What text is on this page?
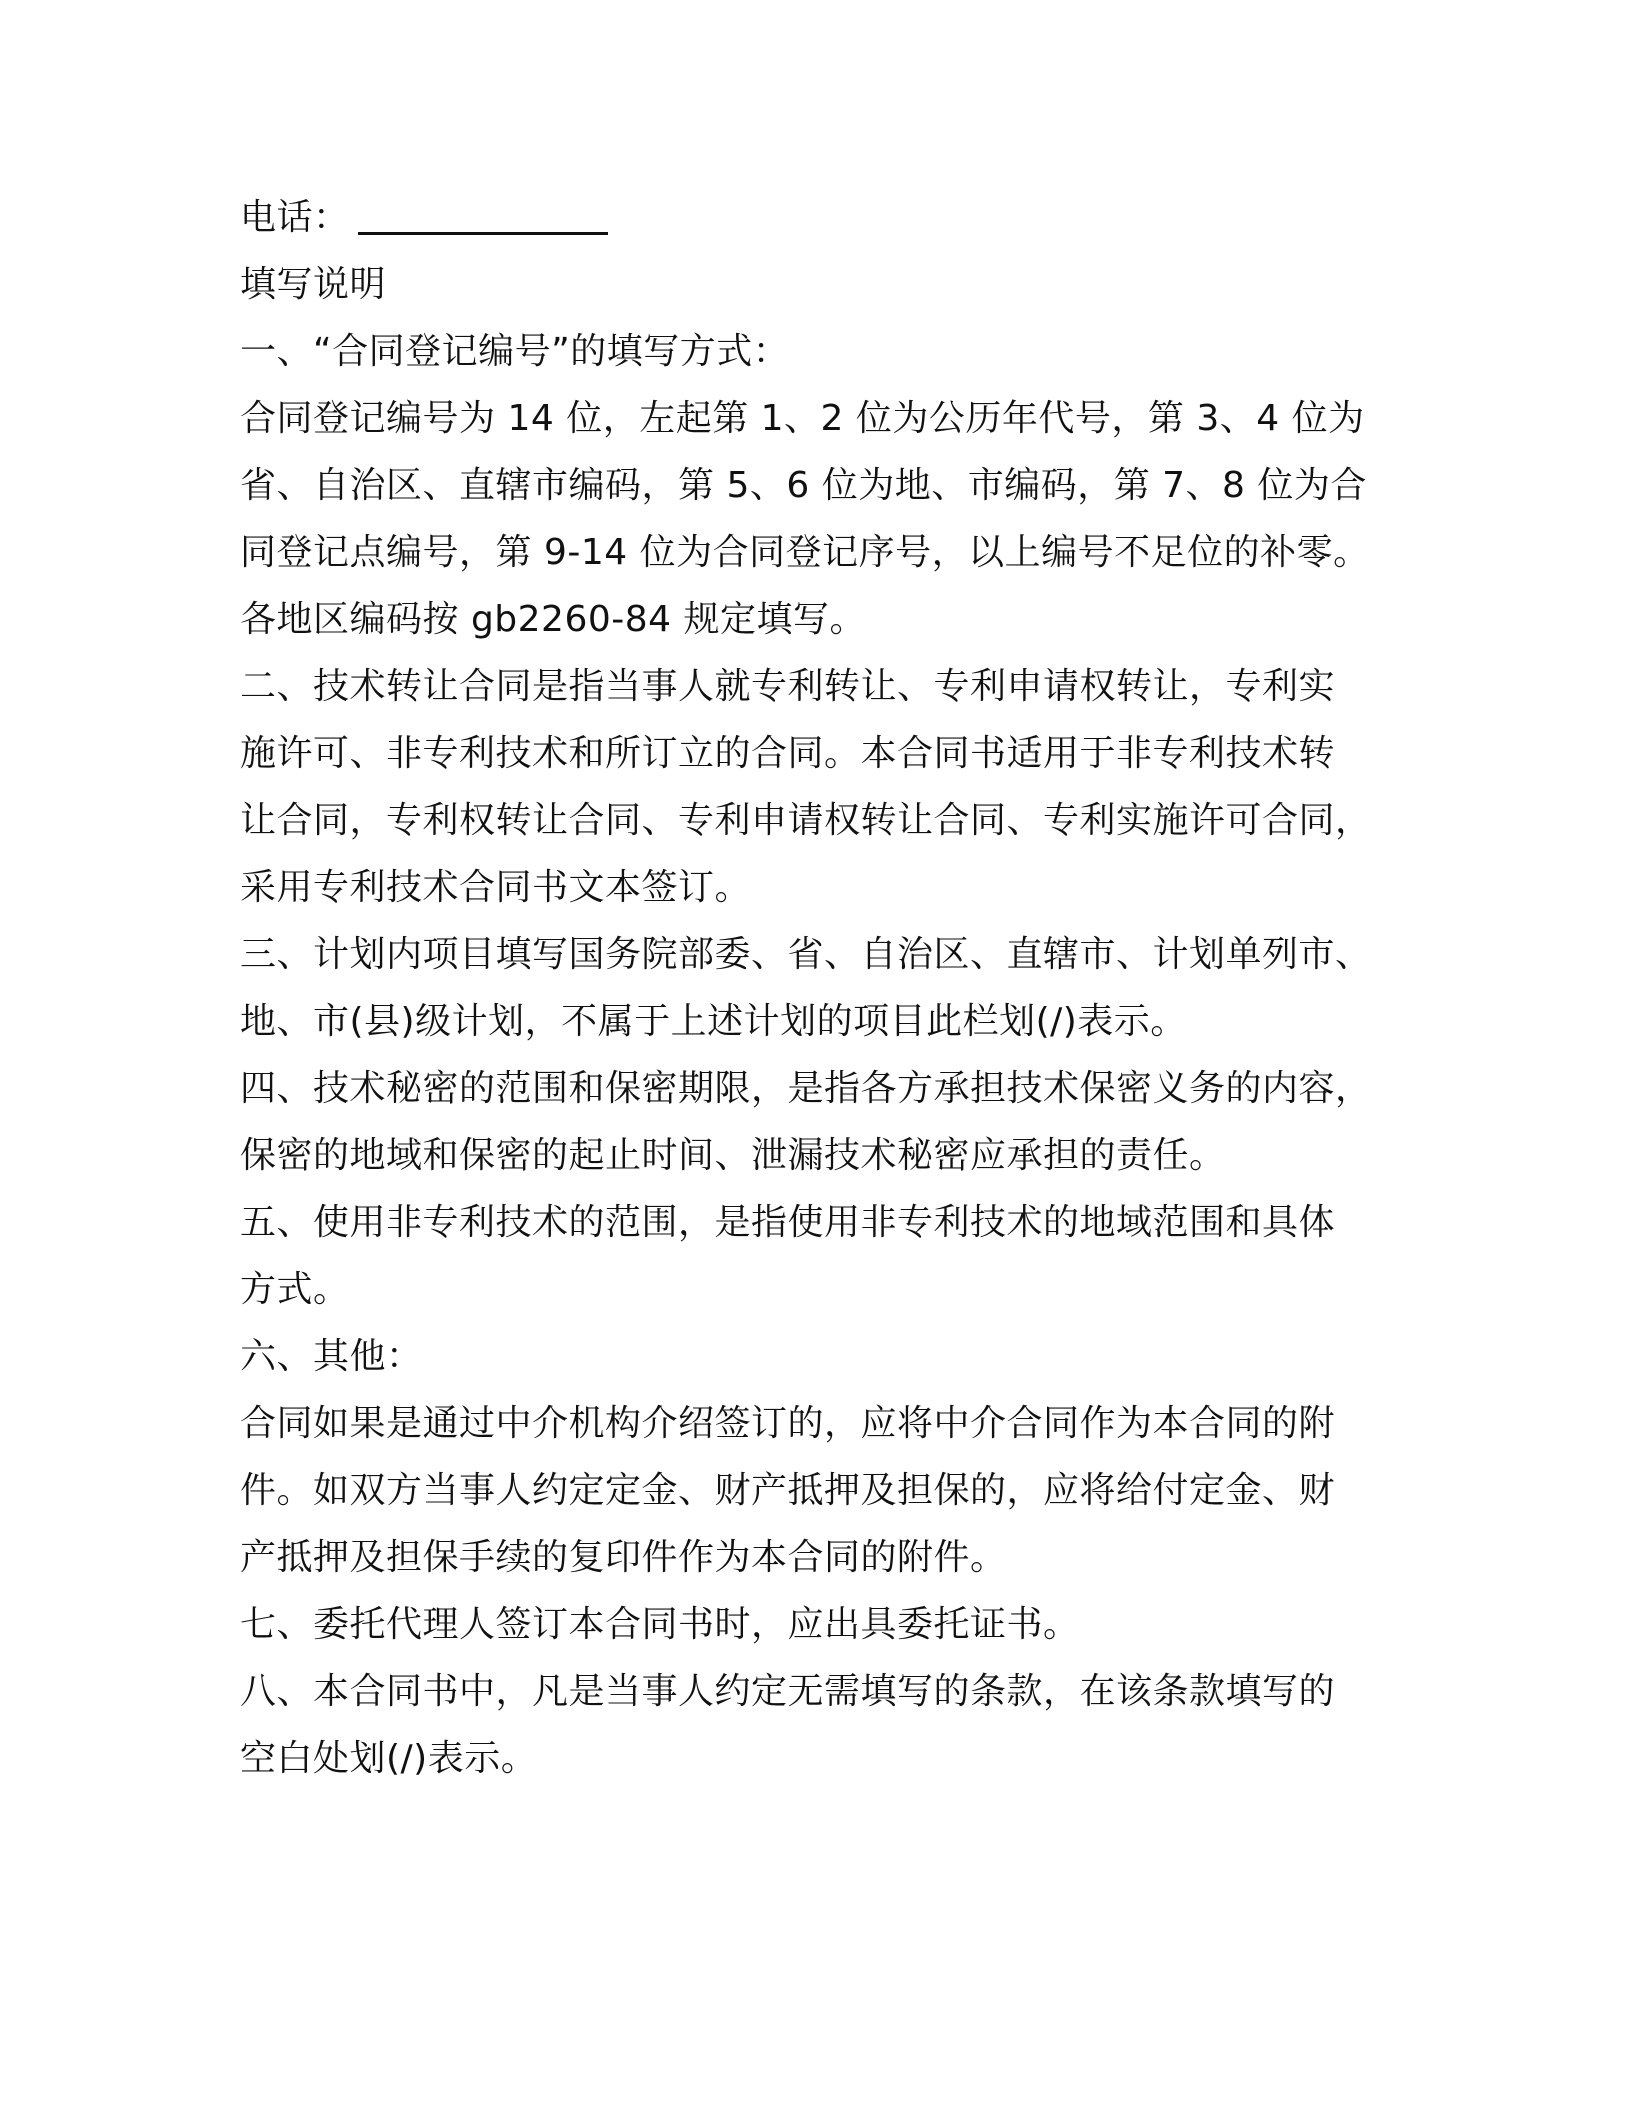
电话：
填写说明
一、“合同登记编号”的填写方式：
合同登记编号为 14 位，左起第 1、2 位为公历年代号，第 3、4 位为
省、自治区、直辖市编码，第 5、6 位为地、市编码，第 7、8 位为合
同登记点编号，第 9-14 位为合同登记序号，以上编号不足位的补零。
各地区编码按 gb2260-84 规定填写。
二、技术转让合同是指当事人就专利转让、专利申请权转让，专利实
施许可、非专利技术和所订立的合同。本合同书适用于非专利技术转
让合同，专利权转让合同、专利申请权转让合同、专利实施许可合同，
采用专利技术合同书文本签订。
三、计划内项目填写国务院部委、省、自治区、直辖市、计划单列市、
地、市(县)级计划，不属于上述计划的项目此栏划(/)表示。
四、技术秘密的范围和保密期限，是指各方承担技术保密义务的内容，
保密的地域和保密的起止时间、泄漏技术秘密应承担的责任。
五、使用非专利技术的范围，是指使用非专利技术的地域范围和具体
方式。
六、其他：
合同如果是通过中介机构介绍签订的，应将中介合同作为本合同的附
件。如双方当事人约定定金、财产抵押及担保的，应将给付定金、财
产抵押及担保手续的复印件作为本合同的附件。
七、委托代理人签订本合同书时，应出具委托证书。
八、本合同书中，凡是当事人约定无需填写的条款，在该条款填写的
空白处划(/)表示。
